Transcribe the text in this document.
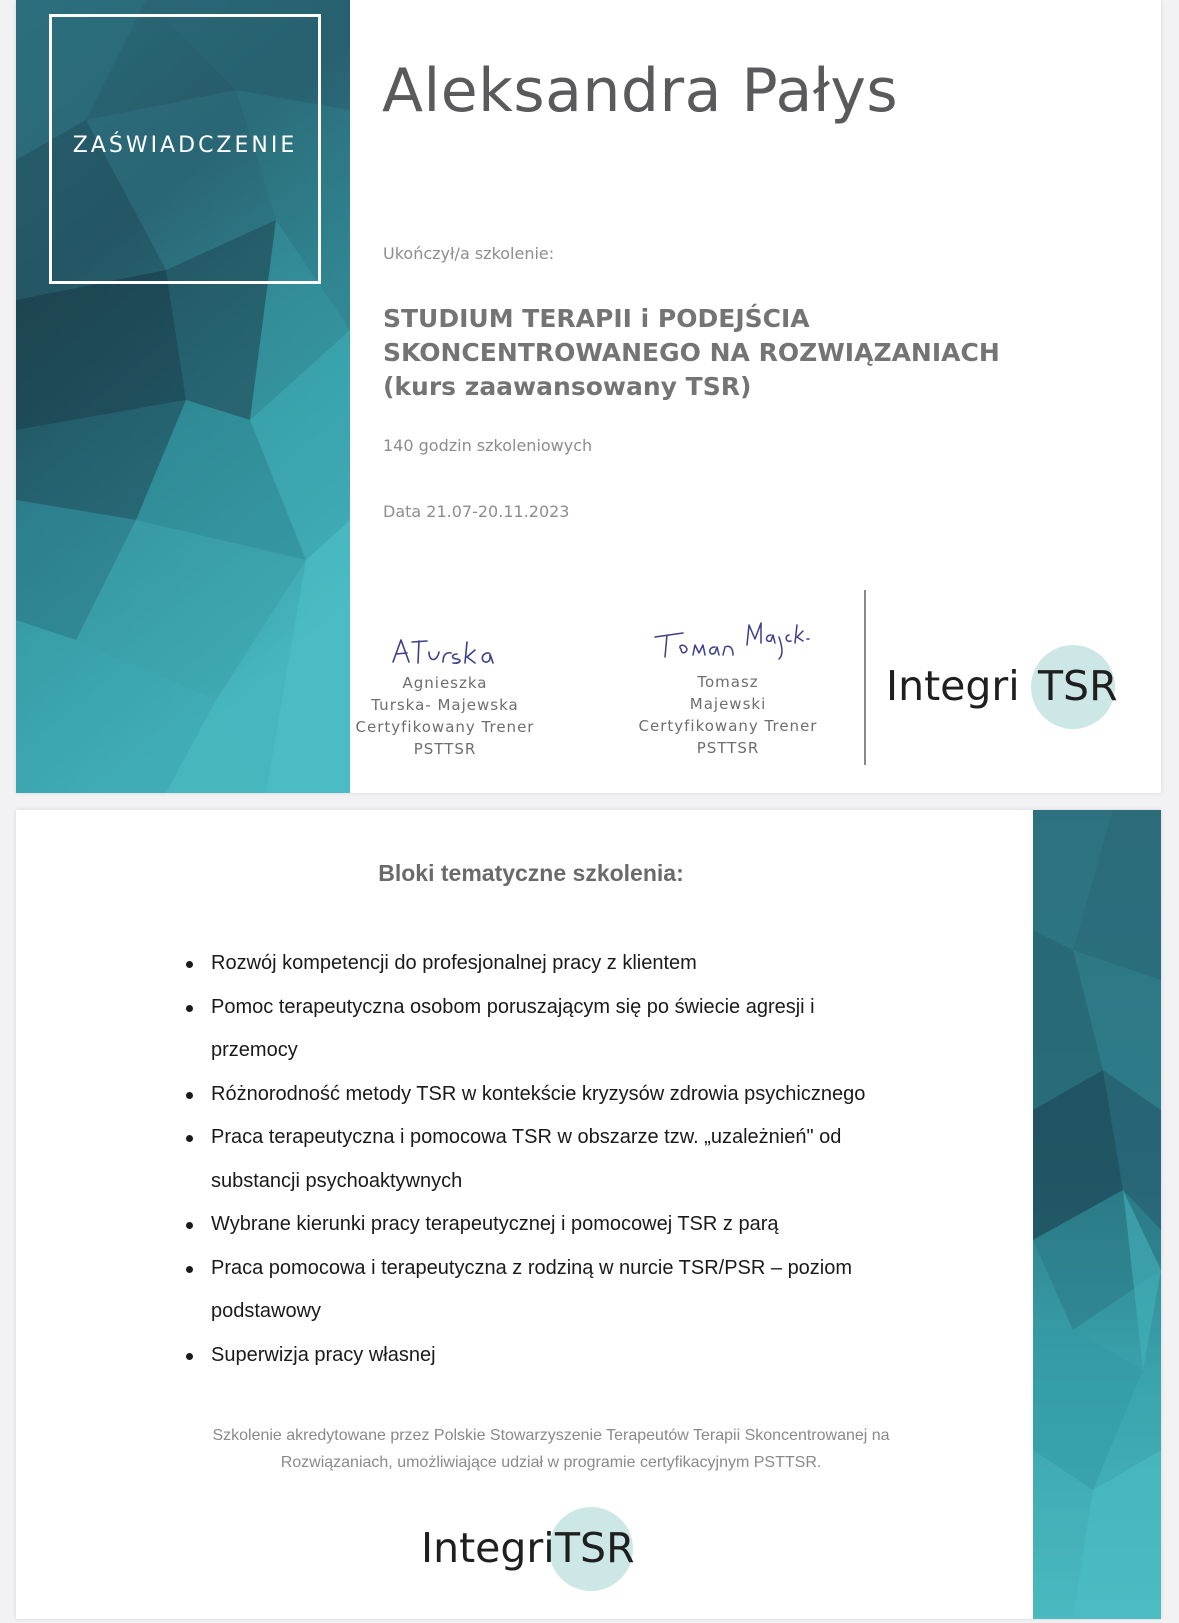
ZAŚWIADCZENIE
Aleksandra Pałys

Ukończył/a szkolenie:

STUDIUM TERAPII i PODEJŚCIA
SKONCENTROWANEGO NA ROZWIĄZANIACH
(kurs zaawansowany TSR)

140 godzin szkoleniowych

Data 21.07-20.11.2023

Agnieszka
Turska- Majewska
Certyfikowany Trener
PSTTSR
Tomasz
Majewski
Certyfikowany Trener
PSTTSR
Integri TSR
Bloki tematyczne szkolenia:
Rozwój kompetencji do profesjonalnej pracy z klientem
Pomoc terapeutyczna osobom poruszającym się po świecie agresji i
przemocy
Różnorodność metody TSR w kontekście kryzysów zdrowia psychicznego
Praca terapeutyczna i pomocowa TSR w obszarze tzw. „uzależnień" od
substancji psychoaktywnych
Wybrane kierunki pracy terapeutycznej i pomocowej TSR z parą
Praca pomocowa i terapeutyczna z rodziną w nurcie TSR/PSR – poziom
podstawowy
Superwizja pracy własnej

Szkolenie akredytowane przez Polskie Stowarzyszenie Terapeutów Terapii Skoncentrowanej na
Rozwiązaniach, umożliwiające udział w programie certyfikacyjnym PSTTSR.

Integri TSR
